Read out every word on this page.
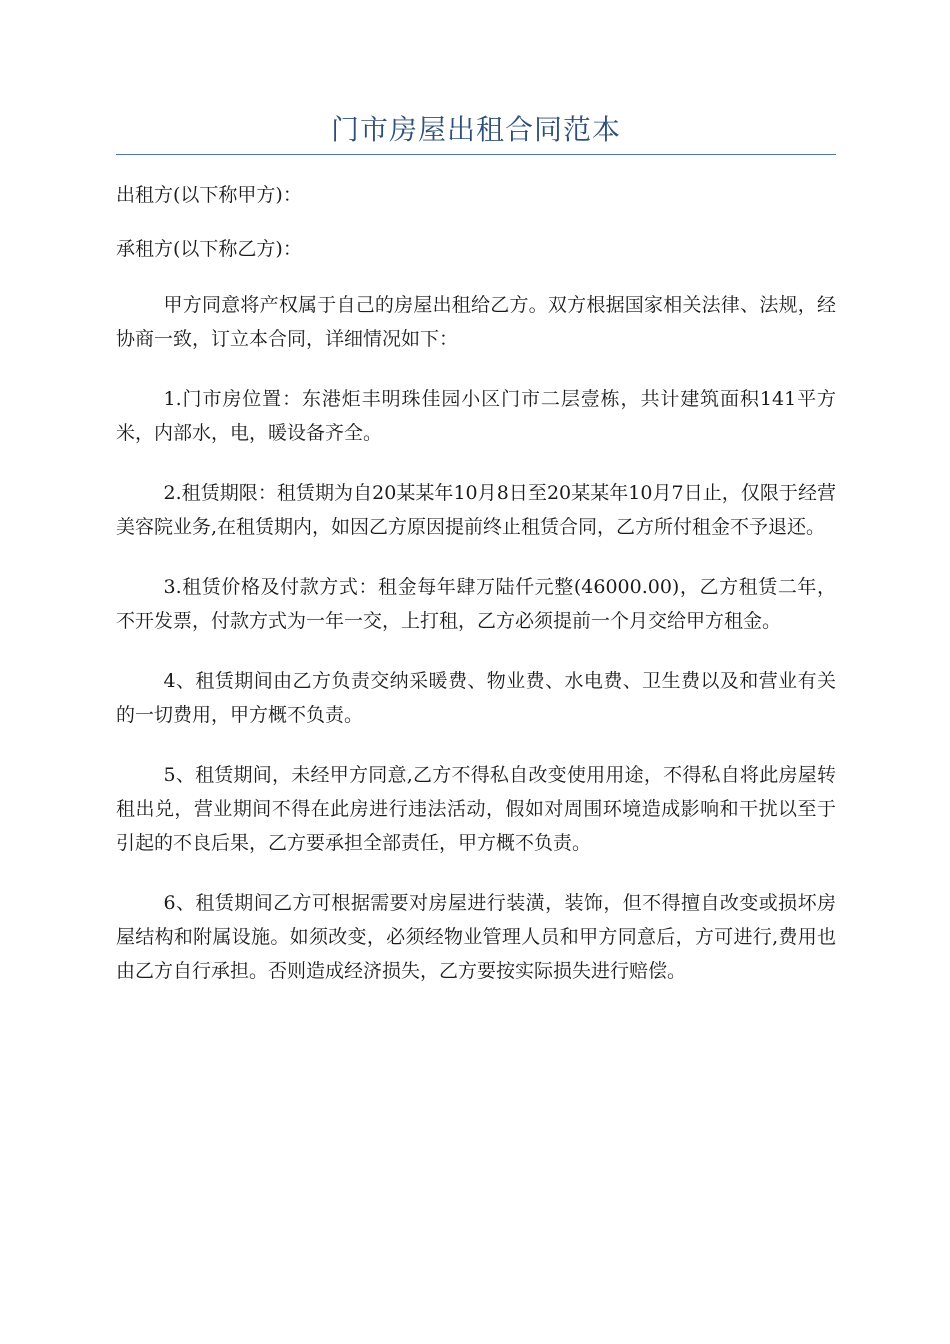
门市房屋出租合同范本

出租方(以下称甲方)：

承租方(以下称乙方)：

甲方同意将产权属于自己的房屋出租给乙方。双方根据国家相关法律、法规，经协商一致，订立本合同，详细情况如下：

1.门市房位置：东港炬丰明珠佳园小区门市二层壹栋，共计建筑面积141平方米，内部水，电，暖设备齐全。

2.租赁期限：租赁期为自20某某年10月8日至20某某年10月7日止，仅限于经营美容院业务,在租赁期内，如因乙方原因提前终止租赁合同，乙方所付租金不予退还。

3.租赁价格及付款方式：租金每年肆万陆仟元整(46000.00)，乙方租赁二年，不开发票，付款方式为一年一交，上打租，乙方必须提前一个月交给甲方租金。

4、租赁期间由乙方负责交纳采暖费、物业费、水电费、卫生费以及和营业有关的一切费用，甲方概不负责。

5、租赁期间，未经甲方同意,乙方不得私自改变使用用途，不得私自将此房屋转租出兑，营业期间不得在此房进行违法活动，假如对周围环境造成影响和干扰以至于引起的不良后果，乙方要承担全部责任，甲方概不负责。

6、租赁期间乙方可根据需要对房屋进行装潢，装饰，但不得擅自改变或损坏房屋结构和附属设施。如须改变，必须经物业管理人员和甲方同意后，方可进行,费用也由乙方自行承担。否则造成经济损失，乙方要按实际损失进行赔偿。
